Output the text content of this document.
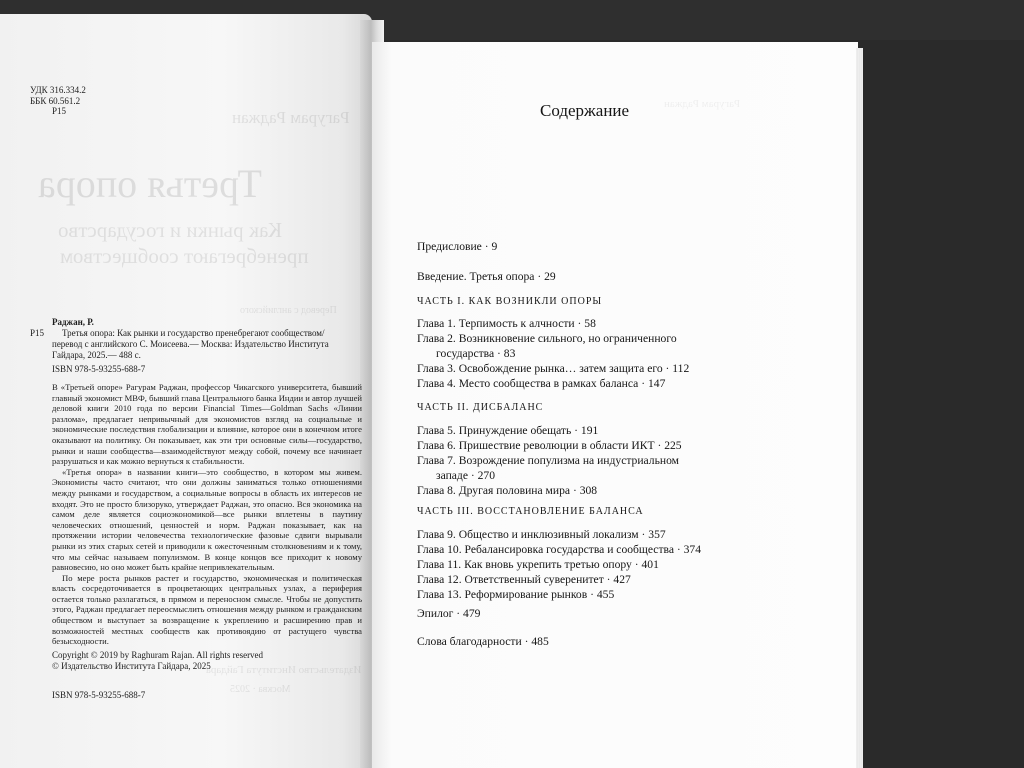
УДК 316.334.2
ББК 60.561.2
Р15
Р15
Раджан, Р.
Третья опора: Как рынки и государство пренебрегают сообществом/
перевод с английского С. Моисеева.— Москва: Издательство Института
Гайдара, 2025.— 488 с.
ISBN 978-5-93255-688-7

В «Третьей опоре» Рагурам Раджан, профессор Чикагского университета, бывший главный экономист МВФ, бывший глава Центрального банка Индии и автор лучшей деловой книги 2010 года по версии Financial Times—Goldman Sachs «Линии разлома», предлагает непривычный для экономистов взгляд на социальные и экономические последствия глобализации и влияние, которое они в конечном итоге оказывают на политику. Он показывает, как эти три основные силы—государство, рынки и наши сообщества—взаимодействуют между собой, почему все начинает разрушаться и как можно вернуться к стабильности.

«Третья опора» в названии книги—это сообщество, в котором мы живем. Экономисты часто считают, что они должны заниматься только отношениями между рынками и государством, а социальные вопросы в область их интересов не входят. Это не просто близоруко, утверждает Раджан, это опасно. Вся экономика на самом деле является социоэкономикой—все рынки вплетены в паутину человеческих отношений, ценностей и норм. Раджан показывает, как на протяжении истории человечества технологические фазовые сдвиги вырывали рынки из этих старых сетей и приводили к ожесточенным столкновениям и к тому, что мы сейчас называем популизмом. В конце концов все приходит к новому равновесию, но оно может быть крайне непривлекательным.

По мере роста рынков растет и государство, экономическая и политическая власть сосредоточивается в процветающих центральных узлах, а периферия остается только разлагаться, в прямом и переносном смысле. Чтобы не допустить этого, Раджан предлагает переосмыслить отношения между рынком и гражданским обществом и выступает за возвращение к укреплению и расширению прав и возможностей местных сообществ как противоядию от растущего чувства безысходности.

Copyright © 2019 by Raghuram Rajan. All rights reserved
© Издательство Института Гайдара, 2025
ISBN 978-5-93255-688-7
Содержание
Предисловие · 9
Введение. Третья опора · 29
ЧАСТЬ I. КАК ВОЗНИКЛИ ОПОРЫ
Глава 1. Терпимость к алчности · 58
Глава 2. Возникновение сильного, но ограниченного
государства · 83
Глава 3. Освобождение рынка… затем защита его · 112
Глава 4. Место сообщества в рамках баланса · 147
ЧАСТЬ II. ДИСБАЛАНС
Глава 5. Принуждение обещать · 191
Глава 6. Пришествие революции в области ИКТ · 225
Глава 7. Возрождение популизма на индустриальном
западе · 270
Глава 8. Другая половина мира · 308
ЧАСТЬ III. ВОССТАНОВЛЕНИЕ БАЛАНСА
Глава 9. Общество и инклюзивный локализм · 357
Глава 10. Ребалансировка государства и сообщества · 374
Глава 11. Как вновь укрепить третью опору · 401
Глава 12. Ответственный суверенитет · 427
Глава 13. Реформирование рынков · 455
Эпилог · 479
Слова благодарности · 485
